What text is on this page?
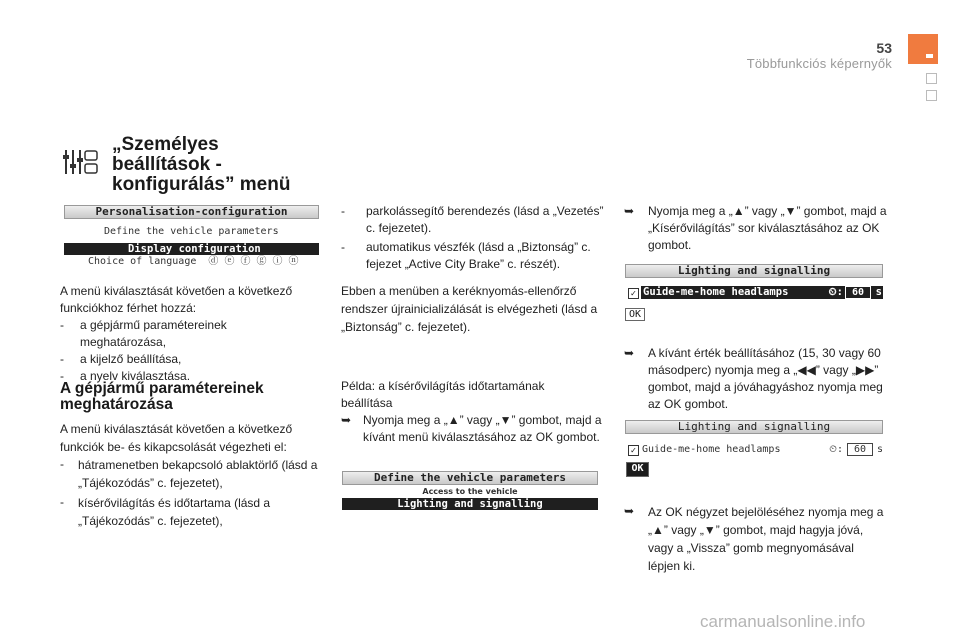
53
Többfunkciós képernyők
„Személyes
beállítások -
konfigurálás” menü
Personalisation-configuration
Define the vehicle parameters
Display configuration
Choice of language  ⓓ ⓔ ⓕ ⓖ ⓘ ⓝ
A menü kiválasztását követően a következő funkciókhoz férhet hozzá:
- a gépjármű paramétereinek meghatározása,
- a kijelző beállítása,
- a nyelv kiválasztása.
A gépjármű paramétereinek
meghatározása
A menü kiválasztását követően a következő funkciók be- és kikapcsolását végezheti el:
- hátramenetben bekapcsoló ablaktörlő (lásd a „Tájékozódás” c. fejezetet),
- kísérővilágítás és időtartama (lásd a „Tájékozódás” c. fejezetet),
- parkolássegítő berendezés (lásd a „Vezetés” c. fejezetet).
- automatikus vészfék (lásd a „Biztonság” c. fejezet „Active City Brake” c. részét).
Ebben a menüben a keréknyomás-ellenőrző rendszer újrainicializálását is elvégezheti (lásd a „Biztonság” c. fejezetet).
Példa: a kísérővilágítás időtartamának beállítása
➥ Nyomja meg a „▲” vagy „▼” gombot, majd a kívánt menü kiválasztásához az OK gombot.
Define the vehicle parameters
Access to the vehicle
Lighting and signalling
➥ Nyomja meg a „▲” vagy „▼” gombot, majd a „Kísérővilágítás” sor kiválasztásához az OK gombot.
Lighting and signalling
✓ Guide-me-home headlamps	⏲: 60	s
OK
➥ A kívánt érték beállításához (15, 30 vagy 60 másodperc) nyomja meg a „◀◀” vagy „▶▶” gombot, majd a jóváhagyáshoz nyomja meg az OK gombot.
Lighting and signalling
✓ Guide-me-home headlamps	⏲:	60	s
OK
➥ Az OK négyzet bejelöléséhez nyomja meg a „▲” vagy „▼” gombot, majd hagyja jóvá, vagy a „Vissza” gomb megnyomásával lépjen ki.
carmanualsonline.info
